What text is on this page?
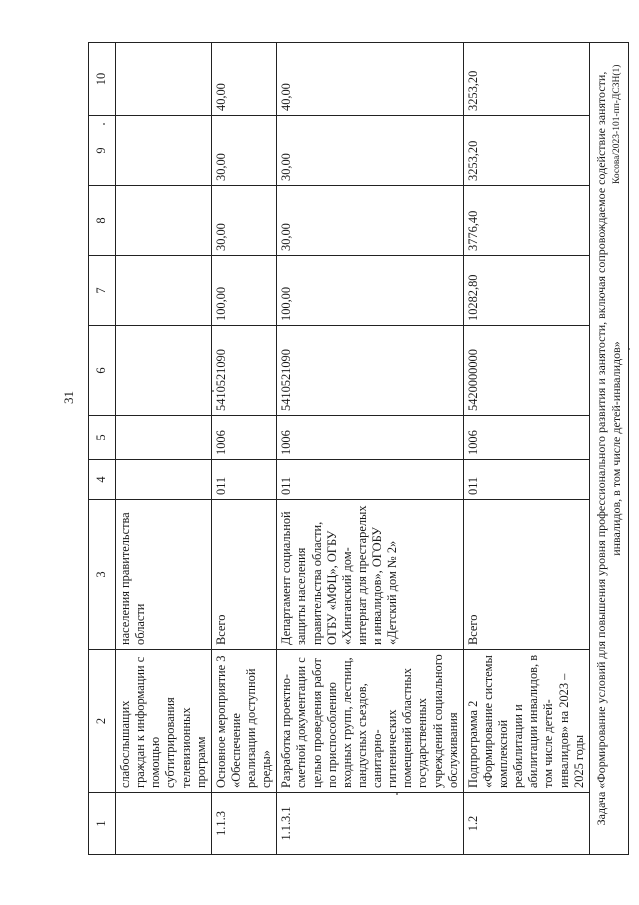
31
Косова/2023-101-пп-ДСЗН(1)
1	2	3	4	5	6	7	8	9	10
	слабослышащих граждан к информации с помощью субтитрирования телевизионных программ	населения правительства области							
1.1.3	Основное мероприятие 3 «Обеспечение реализации доступной среды»	Всего	011	1006	5410521090	100,00	30,00	30,00	40,00
1.1.3.1	Разработка проектно-сметной документации с целью проведения работ по приспособлению входных групп, лестниц, пандусных съездов, санитарно-гигиенических помещений областных государственных учреждений социального обслуживания	Департамент социальной защиты населения правительства области, ОГБУ «МФЦ», ОГБУ «Хинганский дом-интернат для престарелых и инвалидов», ОГОБУ «Детский дом № 2»	011	1006	5410521090	100,00	30,00	30,00	40,00
1.2	Подпрограмма 2 «Формирование системы комплексной реабилитации и абилитации инвалидов, в том числе детей-инвалидов» на 2023 – 2025 годы	Всего	011	1006	5420000000	10282,80	3776,40	3253,20	3253,20
Задача «Формирование условий для повышения уровня профессионального развития и занятости, включая сопровождаемое содействие занятости, инвалидов, в том числе детей-инвалидов»									
